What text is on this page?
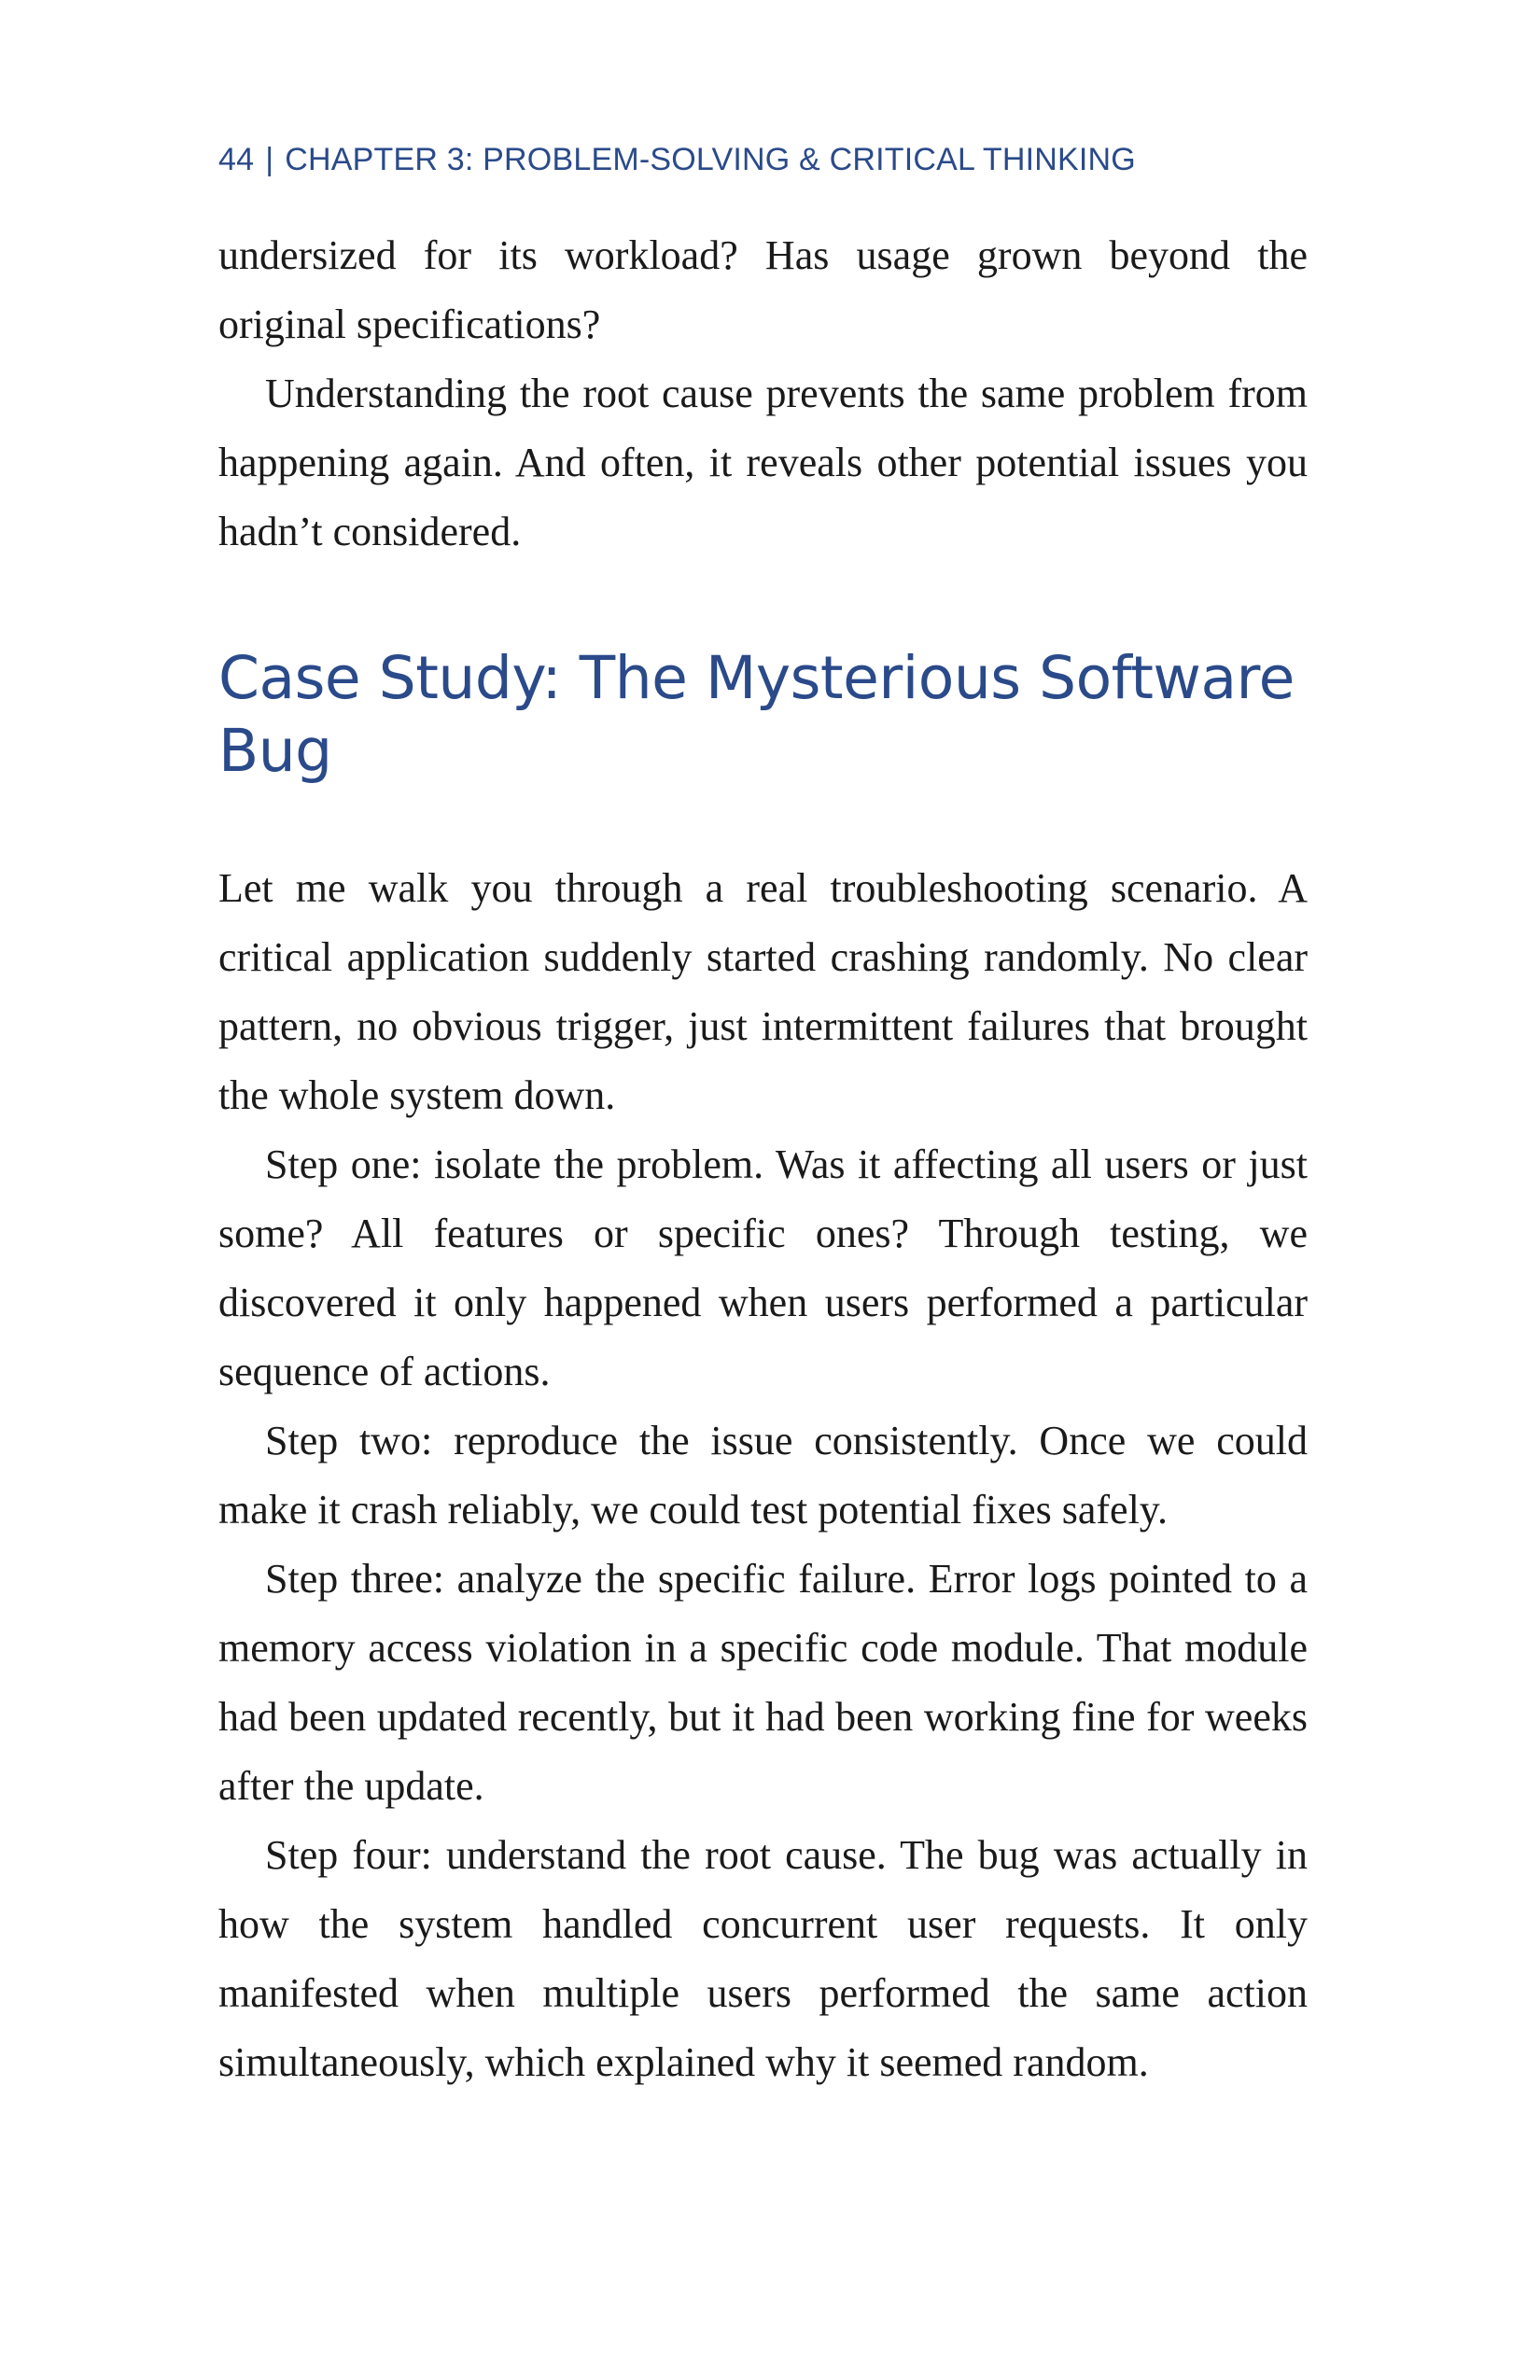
44 | CHAPTER 3: PROBLEM-SOLVING & CRITICAL THINKING

undersized for its workload? Has usage grown beyond the original specifications?

Understanding the root cause prevents the same problem from happening again. And often, it reveals other potential issues you hadn’t considered.

Case Study: The Mysterious Software Bug

Let me walk you through a real troubleshooting scenario. A critical application suddenly started crashing randomly. No clear pattern, no obvious trigger, just intermittent failures that brought the whole system down.

Step one: isolate the problem. Was it affecting all users or just some? All features or specific ones? Through testing, we discovered it only happened when users performed a particular sequence of actions.

Step two: reproduce the issue consistently. Once we could make it crash reliably, we could test potential fixes safely.

Step three: analyze the specific failure. Error logs pointed to a memory access violation in a specific code module. That module had been updated recently, but it had been working fine for weeks after the update.

Step four: understand the root cause. The bug was actually in how the system handled concurrent user requests. It only manifested when multiple users performed the same action simultaneously, which explained why it seemed random.
